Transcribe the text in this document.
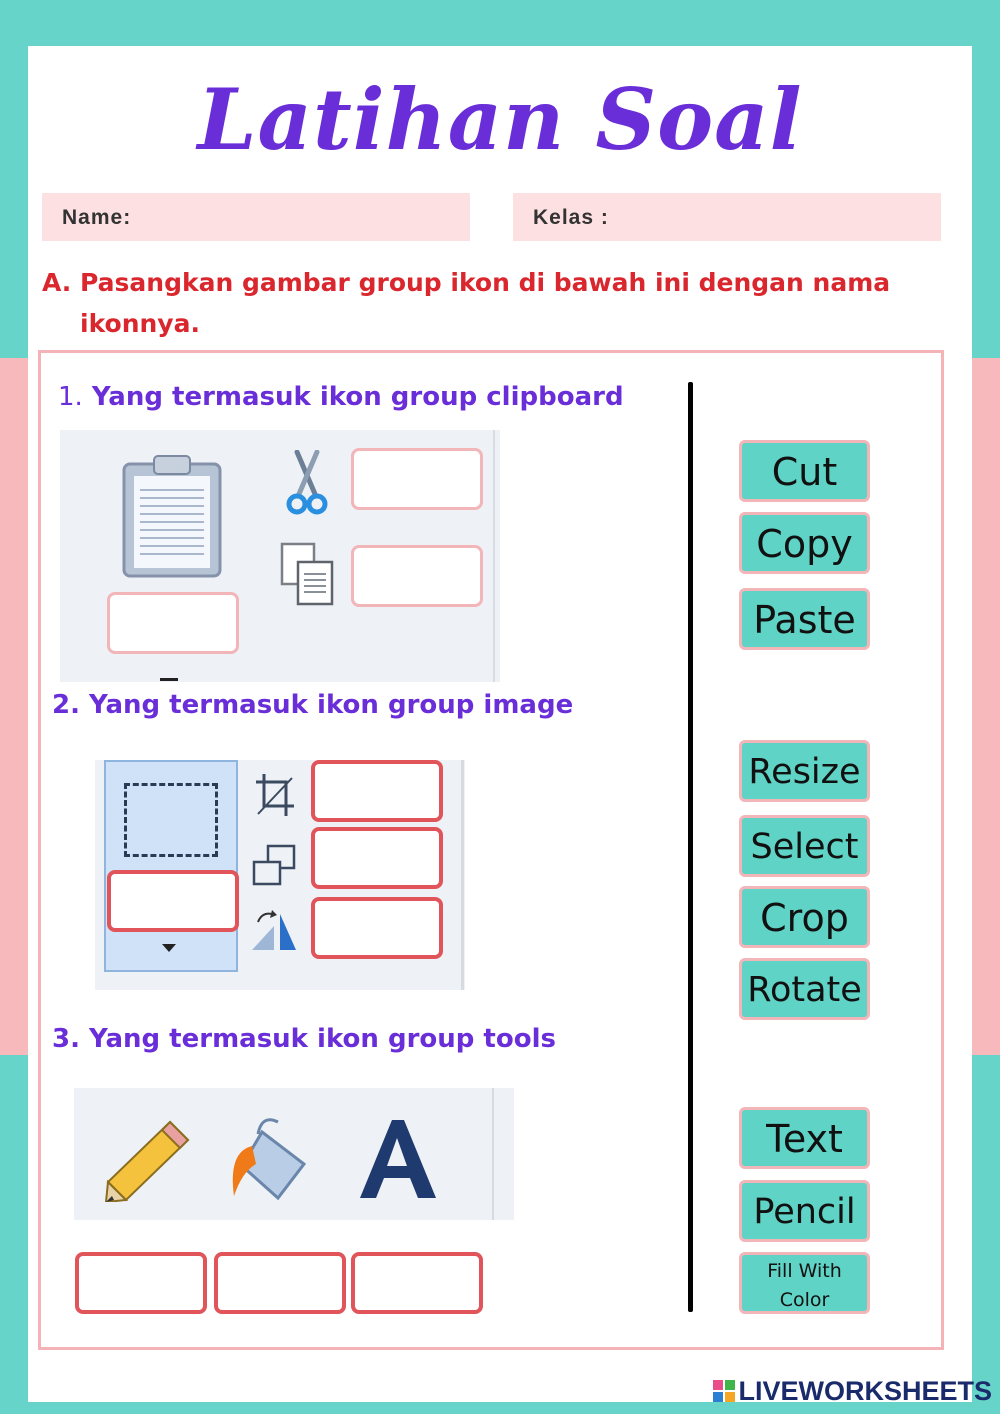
Latihan Soal
Name:	Kelas :
A. Pasangkan gambar group ikon di bawah ini dengan nama
ikonnya.
1. Yang termasuk ikon group clipboard
2. Yang termasuk ikon group image
3. Yang termasuk ikon group tools
Cut
Copy
Paste
Resize
Select
Crop
Rotate
Text
Pencil
Fill With
Color
LIVEWORKSHEETS
